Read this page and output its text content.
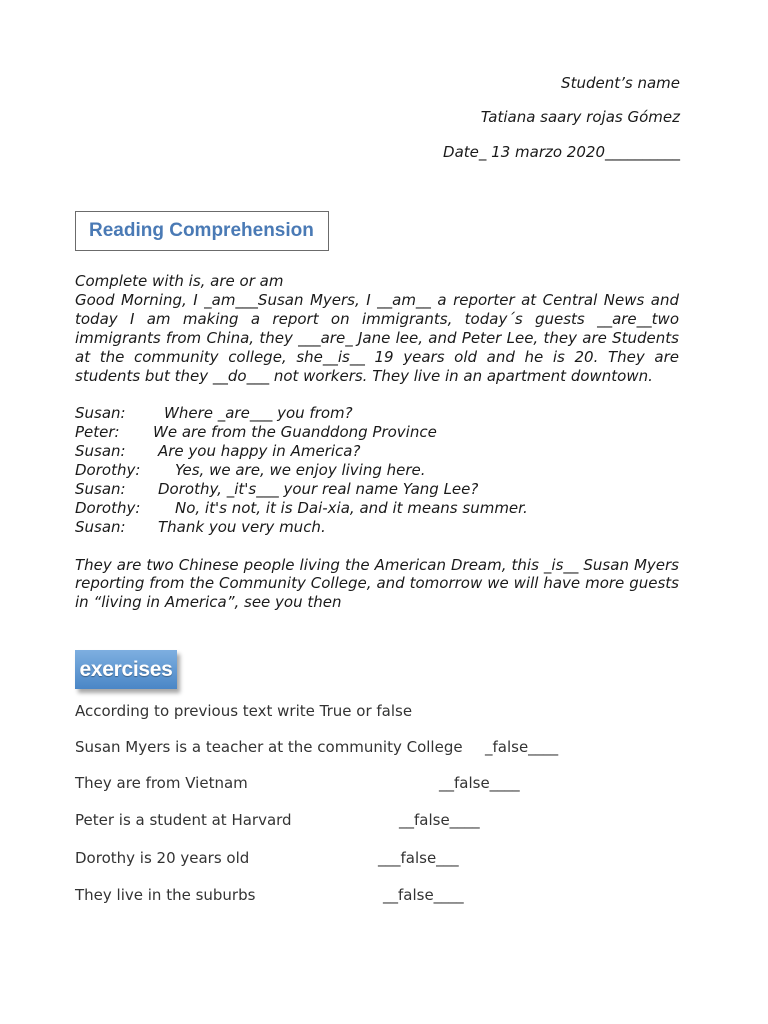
Student’s name

Tatiana saary rojas Gómez

Date_ 13 marzo 2020__________

Reading Comprehension

Complete with is, are or am

Good Morning, I _am___Susan Myers, I __am__ a reporter at Central News and today I am making a report on immigrants, today´s guests __are__two immigrants from China, they ___are_ Jane lee, and Peter Lee, they are Students at the community college, she__is__ 19 years old and he is 20. They are students but they __do___ not workers. They live in an apartment downtown.

Susan:	Where _are___ you from?
Peter:	We are from the Guanddong Province
Susan:	Are you happy in America?
Dorothy:	Yes, we are, we enjoy living here.
Susan:	Dorothy, _it's___ your real name Yang Lee?
Dorothy:	No, it's not, it is Dai-xia, and it means summer.
Susan:	Thank you very much.

They are two Chinese people living the American Dream, this _is__ Susan Myers reporting from the Community College, and tomorrow we will have more guests in “living in America”, see you then

exercises
According to previous text write True or false
Susan Myers is a teacher at the community College _false____
They are from Vietnam	__false____
Peter is a student at Harvard	__false____
Dorothy is 20 years old	___false___
They live in the suburbs	__false____
